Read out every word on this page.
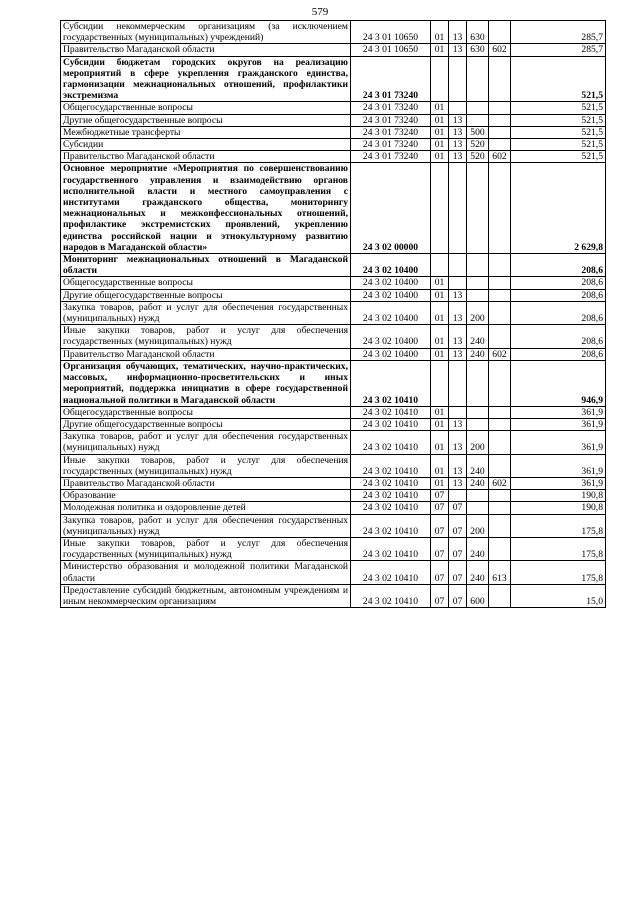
579
Субсидии некоммерческим организациям (за исключением государственных (муниципальных) учреждений)	24 3 01 10650	01	13	630		285,7
Правительство Магаданской области	24 3 01 10650	01	13	630	602	285,7
Субсидии бюджетам городских округов на реализацию мероприятий в сфере укрепления гражданского единства, гармонизации межнациональных отношений, профилактики экстремизма	24 3 01 73240					521,5
Общегосударственные вопросы	24 3 01 73240	01				521,5
Другие общегосударственные вопросы	24 3 01 73240	01	13			521,5
Межбюджетные трансферты	24 3 01 73240	01	13	500		521,5
Субсидии	24 3 01 73240	01	13	520		521,5
Правительство Магаданской области	24 3 01 73240	01	13	520	602	521,5
Основное мероприятие «Мероприятия по совершенствованию государственного управления и взаимодействию органов исполнительной власти и местного самоуправления с институтами гражданского общества, мониторингу межнациональных и межконфессиональных отношений, профилактике экстремистских проявлений, укреплению единства российской нации и этнокультурному развитию народов в Магаданской области»	24 3 02 00000					2 629,8
Мониторинг межнациональных отношений в Магаданской области	24 3 02 10400					208,6
Общегосударственные вопросы	24 3 02 10400	01				208,6
Другие общегосударственные вопросы	24 3 02 10400	01	13			208,6
Закупка товаров, работ и услуг для обеспечения государственных (муниципальных) нужд	24 3 02 10400	01	13	200		208,6
Иные закупки товаров, работ и услуг для обеспечения государственных (муниципальных) нужд	24 3 02 10400	01	13	240		208,6
Правительство Магаданской области	24 3 02 10400	01	13	240	602	208,6
Организация обучающих, тематических, научно-практических, массовых, информационно-просветительских и иных мероприятий, поддержка инициатив в сфере государственной национальной политики в Магаданской области	24 3 02 10410					946,9
Общегосударственные вопросы	24 3 02 10410	01				361,9
Другие общегосударственные вопросы	24 3 02 10410	01	13			361,9
Закупка товаров, работ и услуг для обеспечения государственных (муниципальных) нужд	24 3 02 10410	01	13	200		361,9
Иные закупки товаров, работ и услуг для обеспечения государственных (муниципальных) нужд	24 3 02 10410	01	13	240		361,9
Правительство Магаданской области	24 3 02 10410	01	13	240	602	361,9
Образование	24 3 02 10410	07				190,8
Молодежная политика и оздоровление детей	24 3 02 10410	07	07			190,8
Закупка товаров, работ и услуг для обеспечения государственных (муниципальных) нужд	24 3 02 10410	07	07	200		175,8
Иные закупки товаров, работ и услуг для обеспечения государственных (муниципальных) нужд	24 3 02 10410	07	07	240		175,8
Министерство образования и молодежной политики Магаданской области	24 3 02 10410	07	07	240	613	175,8
Предоставление субсидий бюджетным, автономным учреждениям и иным некоммерческим организациям	24 3 02 10410	07	07	600		15,0
